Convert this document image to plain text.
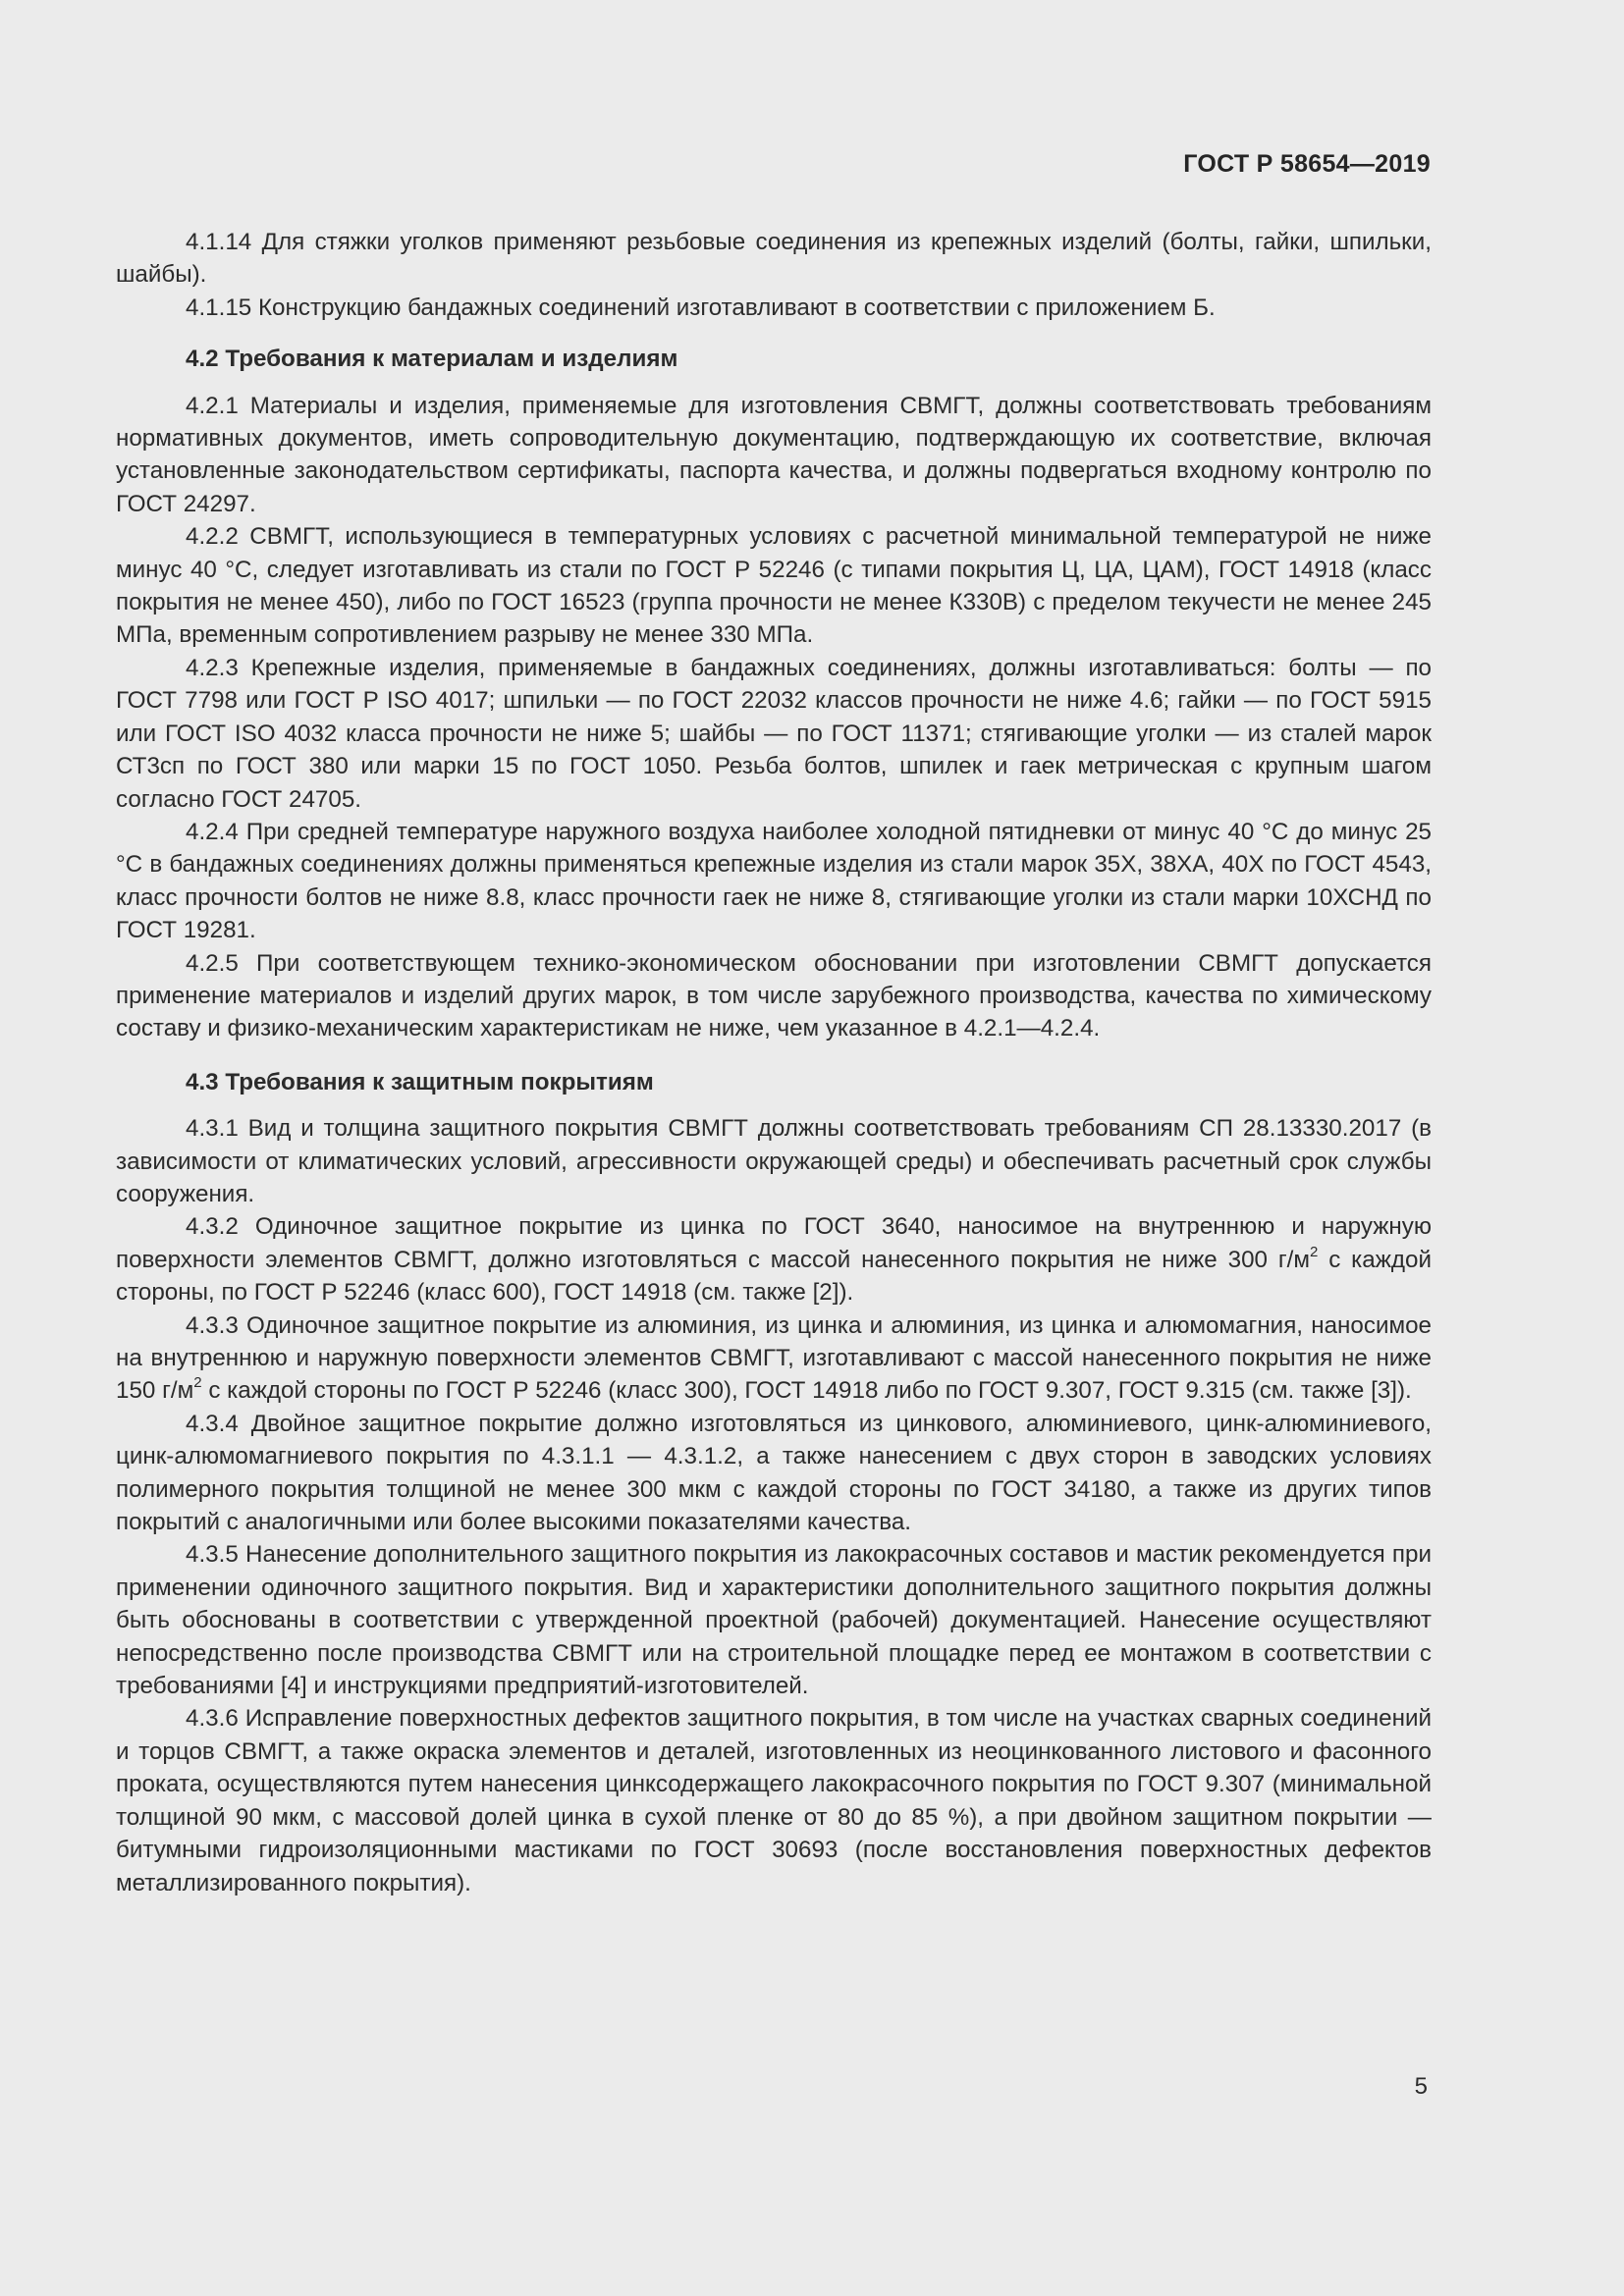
ГОСТ Р 58654—2019

4.1.14 Для стяжки уголков применяют резьбовые соединения из крепежных изделий (болты, гайки, шпильки, шайбы).

4.1.15 Конструкцию бандажных соединений изготавливают в соответствии с приложением Б.

4.2 Требования к материалам и изделиям

4.2.1 Материалы и изделия, применяемые для изготовления СВМГТ, должны соответствовать требованиям нормативных документов, иметь сопроводительную документацию, подтверждающую их соответствие, включая установленные законодательством сертификаты, паспорта качества, и должны подвергаться входному контролю по ГОСТ 24297.

4.2.2 СВМГТ, использующиеся в температурных условиях с расчетной минимальной температурой не ниже минус 40 °С, следует изготавливать из стали по ГОСТ Р 52246 (с типами покрытия Ц, ЦА, ЦАМ), ГОСТ 14918 (класс покрытия не менее 450), либо по ГОСТ 16523 (группа прочности не менее К330В) с пределом текучести не менее 245 МПа, временным сопротивлением разрыву не менее 330 МПа.

4.2.3 Крепежные изделия, применяемые в бандажных соединениях, должны изготавливаться: болты — по ГОСТ 7798 или ГОСТ Р ISO 4017; шпильки — по ГОСТ 22032 классов прочности не ниже 4.6; гайки — по ГОСТ 5915 или ГОСТ ISO 4032 класса прочности не ниже 5; шайбы — по ГОСТ 11371; стягивающие уголки — из сталей марок СТ3сп по ГОСТ 380 или марки 15 по ГОСТ 1050. Резьба болтов, шпилек и гаек метрическая с крупным шагом согласно ГОСТ 24705.

4.2.4 При средней температуре наружного воздуха наиболее холодной пятидневки от минус 40 °С до минус 25 °С в бандажных соединениях должны применяться крепежные изделия из стали марок 35Х, 38ХА, 40Х по ГОСТ 4543, класс прочности болтов не ниже 8.8, класс прочности гаек не ниже 8, стягивающие уголки из стали марки 10ХСНД по ГОСТ 19281.

4.2.5 При соответствующем технико-экономическом обосновании при изготовлении СВМГТ допускается применение материалов и изделий других марок, в том числе зарубежного производства, качества по химическому составу и физико-механическим характеристикам не ниже, чем указанное в 4.2.1—4.2.4.

4.3 Требования к защитным покрытиям

4.3.1 Вид и толщина защитного покрытия СВМГТ должны соответствовать требованиям СП 28.13330.2017 (в зависимости от климатических условий, агрессивности окружающей среды) и обеспечивать расчетный срок службы сооружения.

4.3.2 Одиночное защитное покрытие из цинка по ГОСТ 3640, наносимое на внутреннюю и наружную поверхности элементов СВМГТ, должно изготовляться с массой нанесенного покрытия не ниже 300 $г/м^2$ с каждой стороны, по ГОСТ Р 52246 (класс 600), ГОСТ 14918 (см. также [2]).

4.3.3 Одиночное защитное покрытие из алюминия, из цинка и алюминия, из цинка и алюмомагния, наносимое на внутреннюю и наружную поверхности элементов СВМГТ, изготавливают с массой нанесенного покрытия не ниже 150 $г/м^2$ с каждой стороны по ГОСТ Р 52246 (класс 300), ГОСТ 14918 либо по ГОСТ 9.307, ГОСТ 9.315 (см. также [3]).

4.3.4 Двойное защитное покрытие должно изготовляться из цинкового, алюминиевого, цинк-алюминиевого, цинк-алюмомагниевого покрытия по 4.3.1.1 — 4.3.1.2, а также нанесением с двух сторон в заводских условиях полимерного покрытия толщиной не менее 300 мкм с каждой стороны по ГОСТ 34180, а также из других типов покрытий с аналогичными или более высокими показателями качества.

4.3.5 Нанесение дополнительного защитного покрытия из лакокрасочных составов и мастик рекомендуется при применении одиночного защитного покрытия. Вид и характеристики дополнительного защитного покрытия должны быть обоснованы в соответствии с утвержденной проектной (рабочей) документацией. Нанесение осуществляют непосредственно после производства СВМГТ или на строительной площадке перед ее монтажом в соответствии с требованиями [4] и инструкциями предприятий-изготовителей.

4.3.6 Исправление поверхностных дефектов защитного покрытия, в том числе на участках сварных соединений и торцов СВМГТ, а также окраска элементов и деталей, изготовленных из неоцинкованного листового и фасонного проката, осуществляются путем нанесения цинксодержащего лакокрасочного покрытия по ГОСТ 9.307 (минимальной толщиной 90 мкм, с массовой долей цинка в сухой пленке от 80 до 85 %), а при двойном защитном покрытии — битумными гидроизоляционными мастиками по ГОСТ 30693 (после восстановления поверхностных дефектов металлизированного покрытия).

5
